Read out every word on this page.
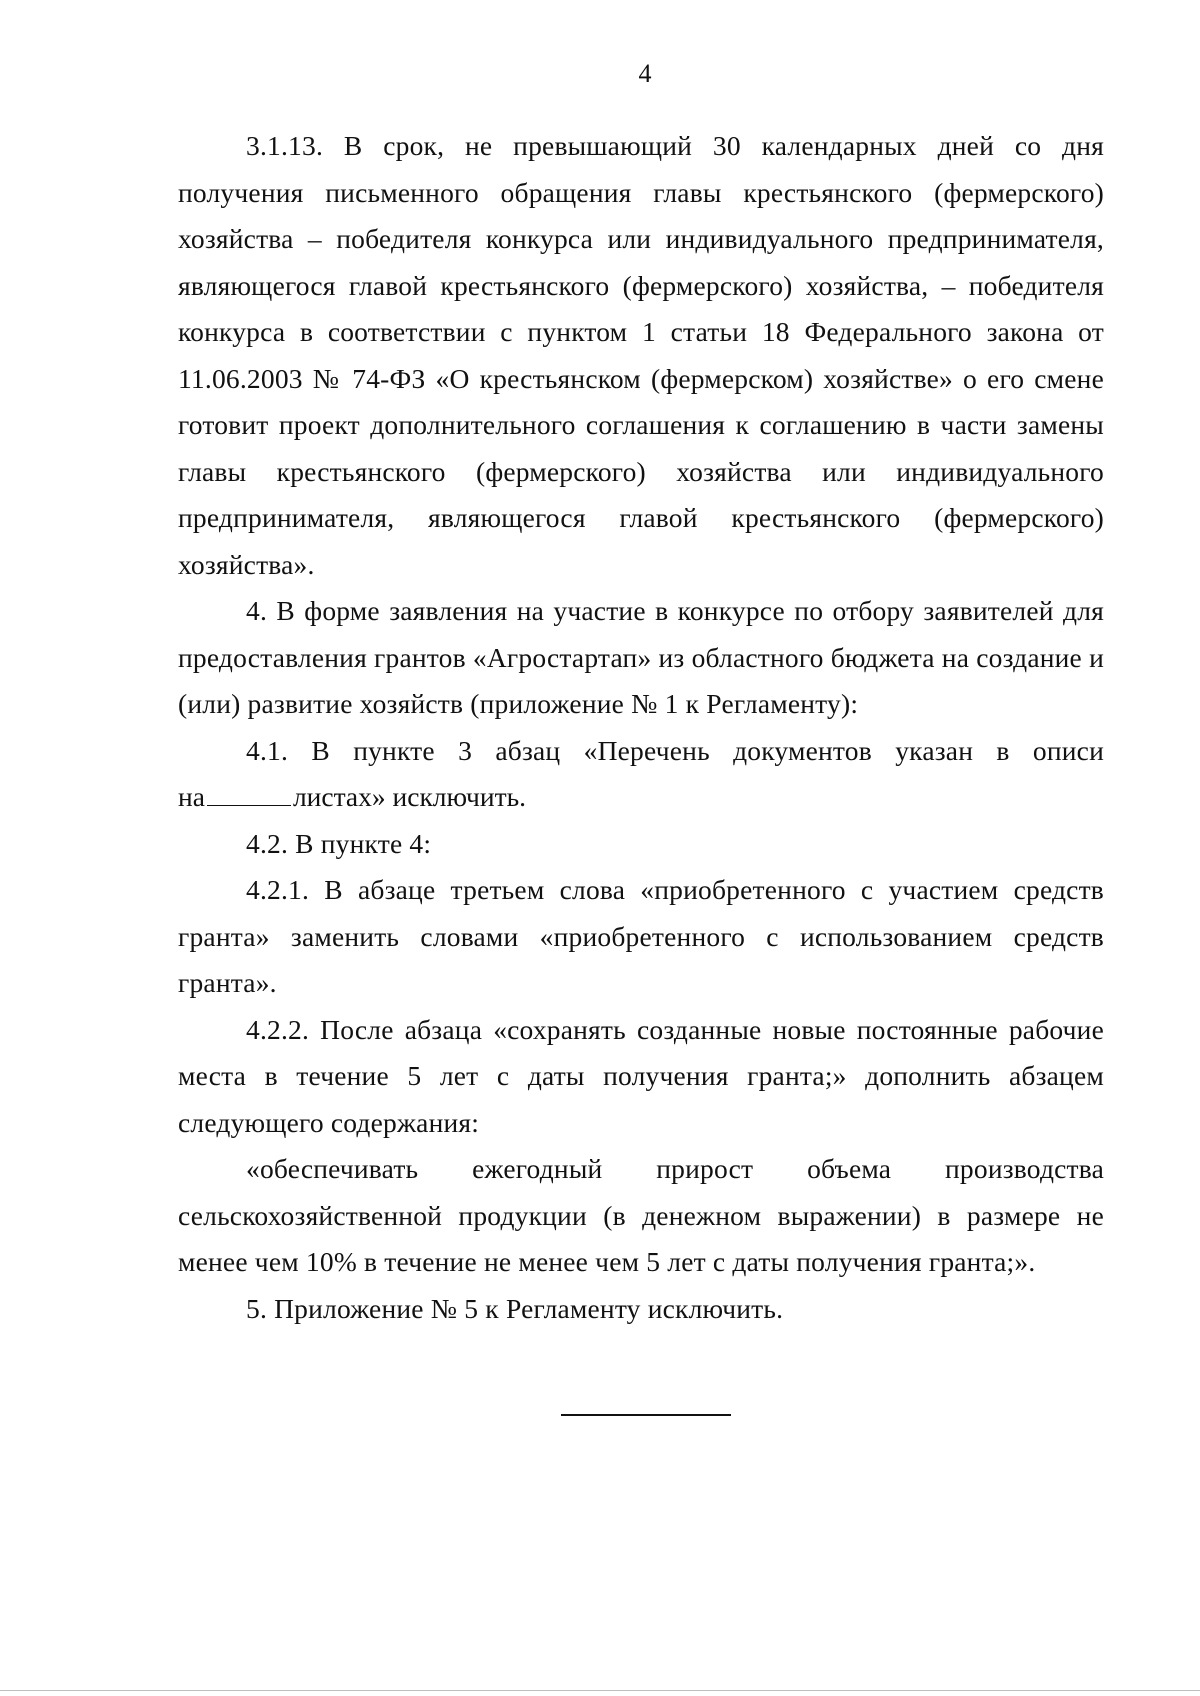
4

3.1.13. В срок, не превышающий 30 календарных дней со дня получения письменного обращения главы крестьянского (фермерского) хозяйства – победителя конкурса или индивидуального предпринимателя, являющегося главой крестьянского (фермерского) хозяйства, – победителя конкурса в соответствии с пунктом 1 статьи 18 Федерального закона от 11.06.2003 № 74-ФЗ «О крестьянском (фермерском) хозяйстве» о его смене готовит проект дополнительного соглашения к соглашению в части замены главы крестьянского (фермерского) хозяйства или индивидуального предпринимателя, являющегося главой крестьянского (фермерского) хозяйства».

4. В форме заявления на участие в конкурсе по отбору заявителей для предоставления грантов «Агростартап» из областного бюджета на создание и (или) развитие хозяйств (приложение № 1 к Регламенту):

4.1. В пункте 3 абзац «Перечень документов указан в описи

на	листах» исключить.

4.2. В пункте 4:

4.2.1. В абзаце третьем слова «приобретенного с участием средств гранта» заменить словами «приобретенного с использованием средств гранта».

4.2.2. После абзаца «сохранять созданные новые постоянные рабочие места в течение 5 лет с даты получения гранта;» дополнить абзацем следующего содержания:

«обеспечивать ежегодный прирост объема производства сельскохозяйственной продукции (в денежном выражении) в размере не менее чем 10% в течение не менее чем 5 лет с даты получения гранта;».

5. Приложение № 5 к Регламенту исключить.
